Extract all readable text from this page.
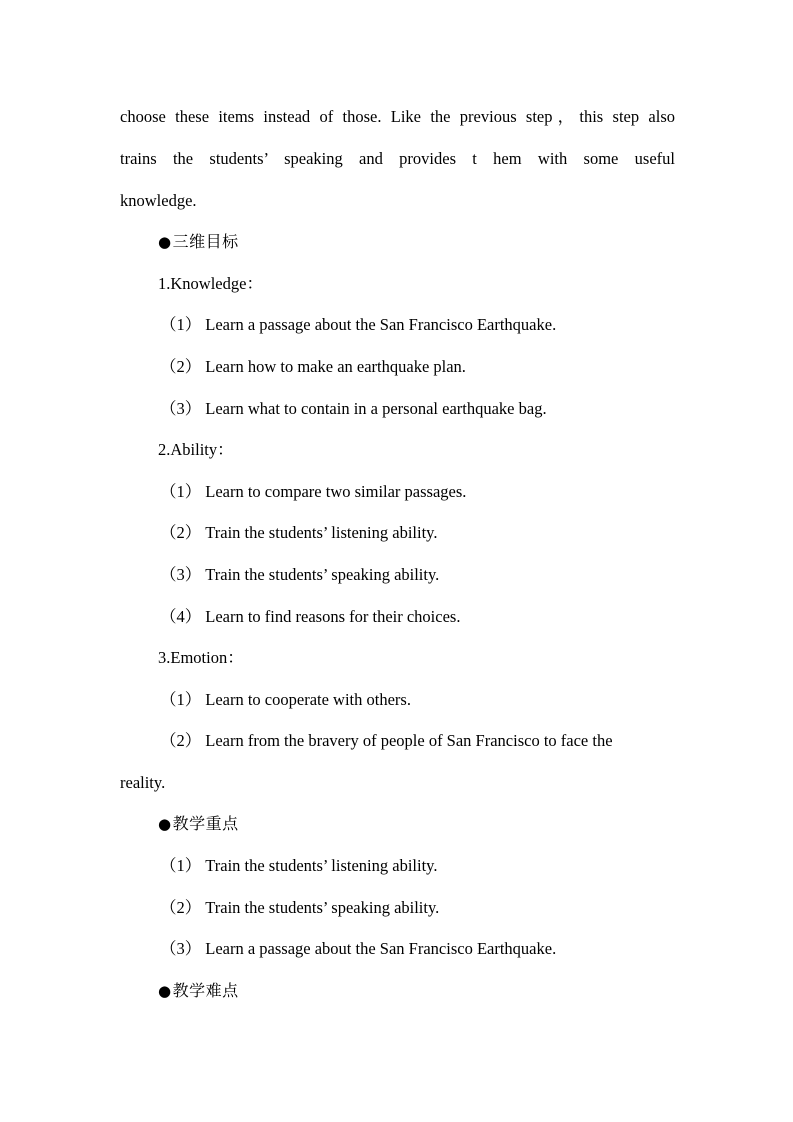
choose these items instead of those. Like the previous step，this step also
trains the students’ speaking and provides t hem with some useful
knowledge.
●三维目标
1.Knowledge：
（1） Learn a passage about the San Francisco Earthquake.
（2） Learn how to make an earthquake plan.
（3） Learn what to contain in a personal earthquake bag.
2.Ability：
（1） Learn to compare two similar passages.
（2） Train the students’ listening ability.
（3） Train the students’ speaking ability.
（4） Learn to find reasons for their choices.
3.Emotion：
（1） Learn to cooperate with others.
（2） Learn from the bravery of people of San Francisco to face the
reality.
●教学重点
（1） Train the students’ listening ability.
（2） Train the students’ speaking ability.
（3） Learn a passage about the San Francisco Earthquake.
●教学难点
